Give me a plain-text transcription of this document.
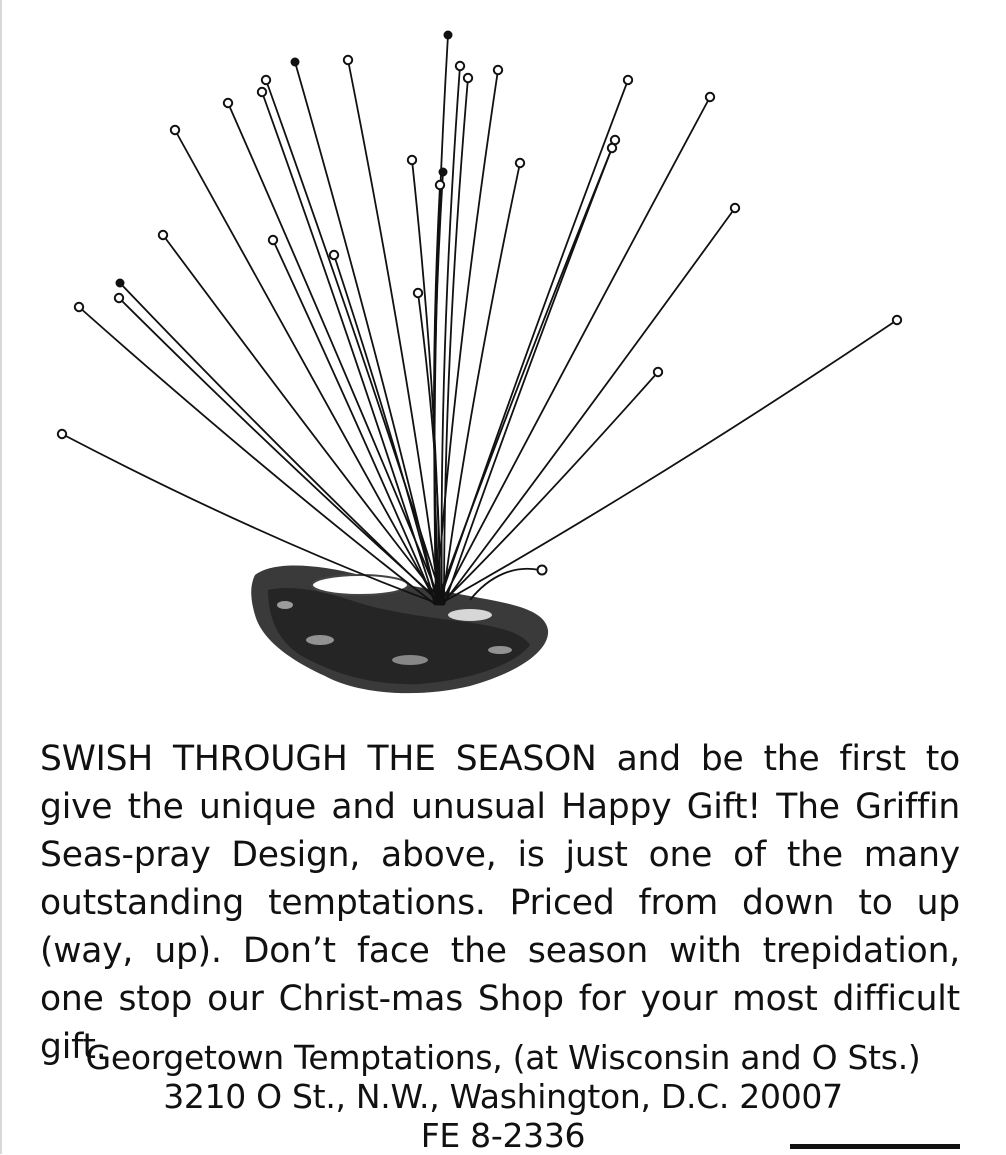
SWISH THROUGH THE SEASON and be the first to give the unique and unusual Happy Gift! The Griffin Seas-pray Design, above, is just one of the many outstanding temptations. Priced from down to up (way, up). Don’t face the season with trepidation, one stop our Christ-mas Shop for your most difficult gift.

Georgetown Temptations, (at Wisconsin and O Sts.)
3210 O St., N.W., Washington, D.C. 20007
FE 8-2336
